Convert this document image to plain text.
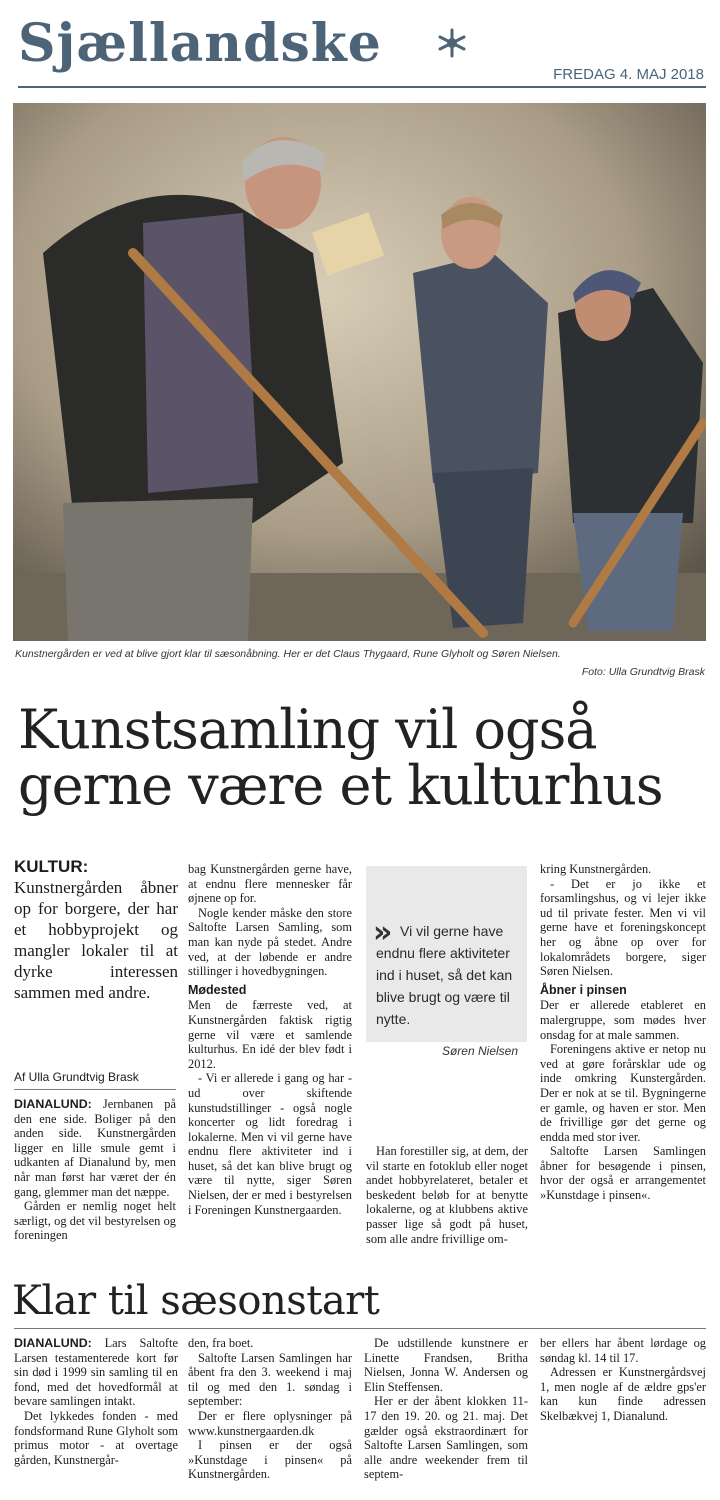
Sjællandske
FREDAG 4. MAJ 2018
Kunstnergården er ved at blive gjort klar til sæsonåbning. Her er det Claus Thygaard, Rune Glyholt og Søren Nielsen.
Foto: Ulla Grundtvig Brask
Kunstsamling vil også
gerne være et kulturhus
KULTUR: Kunstnergården åbner op for borgere, der har et hobbyprojekt og mangler lokaler til at dyrke interessen sammen med andre.
Af Ulla Grundtvig Brask

DIANALUND: Jernbanen på den ene side. Boliger på den anden side. Kunstnergården ligger en lille smule gemt i udkanten af Dianalund by, men når man først har været der én gang, glemmer man det næppe.

Gården er nemlig noget helt særligt, og det vil bestyrelsen og foreningen

bag Kunstnergården gerne have, at endnu flere mennesker får øjnene op for.

Nogle kender måske den store Saltofte Larsen Samling, som man kan nyde på stedet. Andre ved, at der løbende er andre stillinger i hovedbygningen.

Mødested

Men de færreste ved, at Kunstnergården faktisk rigtig gerne vil være et samlende kulturhus. En idé der blev født i 2012.

- Vi er allerede i gang og har - ud over skiftende kunstudstillinger - også nogle koncerter og lidt foredrag i lokalerne. Men vi vil gerne have endnu flere aktiviteter ind i huset, så det kan blive brugt og være til nytte, siger Søren Nielsen, der er med i bestyrelsen i Foreningen Kunstnergaarden.

» Vi vil gerne have endnu flere aktiviteter ind i huset, så det kan blive brugt og være til nytte.
Søren Nielsen

Han forestiller sig, at dem, der vil starte en fotoklub eller noget andet hobbyrelateret, betaler et beskedent beløb for at benytte lokalerne, og at klubbens aktive passer lige så godt på huset, som alle andre frivillige om-

kring Kunstnergården.

- Det er jo ikke et forsamlingshus, og vi lejer ikke ud til private fester. Men vi vil gerne have et foreningskoncept her og åbne op over for lokalområdets borgere, siger Søren Nielsen.

Åbner i pinsen

Der er allerede etableret en malergruppe, som mødes hver onsdag for at male sammen.

Foreningens aktive er netop nu ved at gøre forårsklar ude og inde omkring Kunstergården. Der er nok at se til. Bygningerne er gamle, og haven er stor. Men de frivillige gør det gerne og endda med stor iver.

Saltofte Larsen Samlingen åbner for besøgende i pinsen, hvor der også er arrangementet »Kunstdage i pinsen«.

Klar til sæsonstart

DIANALUND: Lars Saltofte Larsen testamenterede kort før sin død i 1999 sin samling til en fond, med det hovedformål at bevare samlingen intakt.

Det lykkedes fonden - med fondsformand Rune Glyholt som primus motor - at overtage gården, Kunstnergår-

den, fra boet.

Saltofte Larsen Samlingen har åbent fra den 3. weekend i maj til og med den 1. søndag i september:

Der er flere oplysninger på www.kunstnergaarden.dk

I pinsen er der også »Kunstdage i pinsen« på Kunstnergården.

De udstillende kunstnere er Linette Frandsen, Britha Nielsen, Jonna W. Andersen og Elin Steffensen.

Her er der åbent klokken 11-17 den 19. 20. og 21. maj. Det gælder også ekstraordinært for Saltofte Larsen Samlingen, som alle andre weekender frem til septem-

ber ellers har åbent lørdage og søndag kl. 14 til 17.

Adressen er Kunstnergårdsvej 1, men nogle af de ældre gps'er kan kun finde adressen Skelbækvej 1, Dianalund.
